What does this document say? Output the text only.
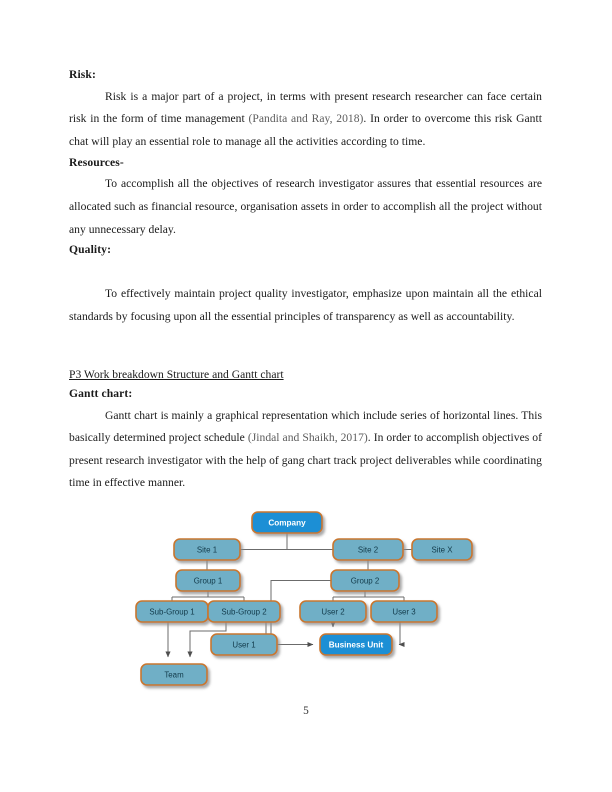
Risk:

Risk is a major part of a project, in terms with present research researcher can face certain risk in the form of time management (Pandita and Ray, 2018). In order to overcome this risk Gantt chat will play an essential role to manage all the activities according to time.

Resources-

To accomplish all the objectives of research investigator assures that essential resources are allocated such as financial resource, organisation assets in order to accomplish all the project without any unnecessary delay.

Quality:

To effectively maintain project quality investigator, emphasize upon maintain all the ethical standards by focusing upon all the essential principles of transparency as well as accountability.

P3 Work breakdown Structure and Gantt chart
Gantt chart:

Gantt chart is mainly a graphical representation which include series of horizontal lines. This basically determined project schedule (Jindal and Shaikh, 2017). In order to accomplish objectives of present research investigator with the help of gang chart track project deliverables while coordinating time in effective manner.

Company
Site 1	Site 2	Site X
Group 1	Group 2
Sub-Group 1	Sub-Group 2	User 2	User 3
User 1	Business Unit
Team
5
